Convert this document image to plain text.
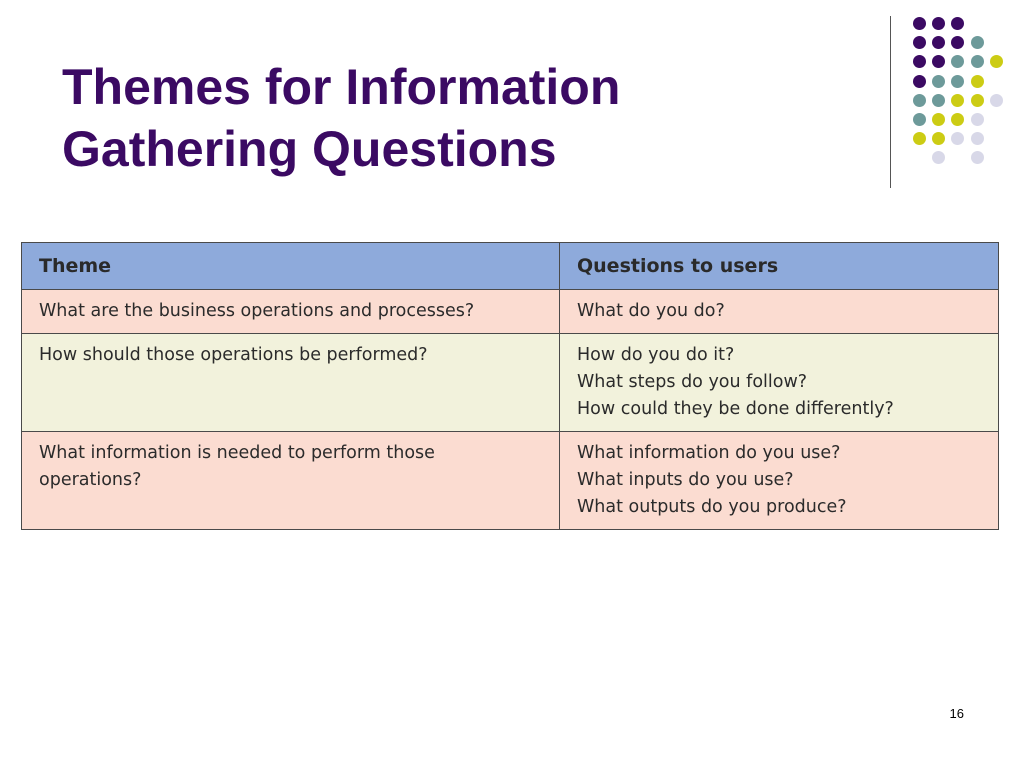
Themes for Information
Gathering Questions
Theme	Questions to users

What are the business operations and processes?	What do you do?

How should those operations be performed?	How do you do it?
What steps do you follow?
How could they be done differently?

What information is needed to perform those
operations?	What information do you use?
What inputs do you use?
What outputs do you produce?
16
